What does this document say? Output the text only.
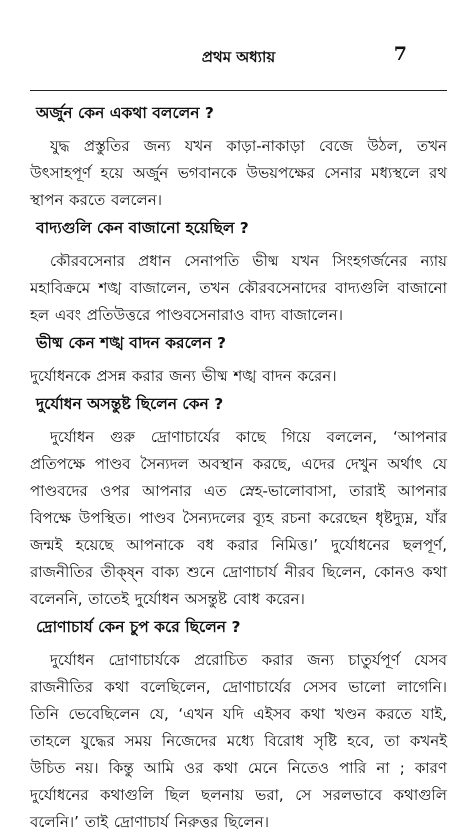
প্রথম অধ্যায়	7
অর্জুন কেন একথা বললেন ?

যুদ্ধ প্রস্তুতির জন্য যখন কাড়া-নাকাড়া বেজে উঠল, তখন উৎসাহপূর্ণ হয়ে অর্জুন ভগবানকে উভয়পক্ষের সেনার মধ্যস্থলে রথ স্থাপন করতে বললেন।

বাদ্যগুলি কেন বাজানো হয়েছিল ?

কৌরবসেনার প্রধান সেনাপতি ভীষ্ম যখন সিংহগর্জনের ন্যায় মহাবিক্রমে শঙ্খ বাজালেন, তখন কৌরবসেনাদের বাদ্যগুলি বাজানো হল এবং প্রতিউত্তরে পাণ্ডবসেনারাও বাদ্য বাজালেন।

ভীষ্ম কেন শঙ্খ বাদন করলেন ?

দুর্যোধনকে প্রসন্ন করার জন্য ভীষ্ম শঙ্খ বাদন করেন।

দুর্যোধন অসন্তুষ্ট ছিলেন কেন ?

দুর্যোধন গুরু দ্রোণাচার্যের কাছে গিয়ে বললেন, ‘আপনার প্রতিপক্ষে পাণ্ডব সৈন্যদল অবস্থান করছে, এদের দেখুন অর্থাৎ যে পাণ্ডবদের ওপর আপনার এত স্নেহ-ভালোবাসা, তারাই আপনার বিপক্ষে উপস্থিত। পাণ্ডব সৈন্যদলের ব্যূহ রচনা করেছেন ধৃষ্টদ্যুম্ন, যাঁর জন্মই হয়েছে আপনাকে বধ করার নিমিত্ত।’ দুর্যোধনের ছলপূর্ণ, রাজনীতির তীক্ষ্ন বাক্য শুনে দ্রোণাচার্য নীরব ছিলেন, কোনও কথা বলেননি, তাতেই দুর্যোধন অসন্তুষ্ট বোধ করেন।

দ্রোণাচার্য কেন চুপ করে ছিলেন ?

দুর্যোধন দ্রোণাচার্যকে প্ররোচিত করার জন্য চাতুর্যপূর্ণ যেসব রাজনীতির কথা বলেছিলেন, দ্রোণাচার্যের সেসব ভালো লাগেনি। তিনি ভেবেছিলেন যে, ‘এখন যদি এইসব কথা খণ্ডন করতে যাই, তাহলে যুদ্ধের সময় নিজেদের মধ্যে বিরোধ সৃষ্টি হবে, তা কখনই উচিত নয়। কিন্তু আমি ওর কথা মেনে নিতেও পারি না ; কারণ দুর্যোধনের কথাগুলি ছিল ছলনায় ভরা, সে সরলভাবে কথাগুলি বলেনি।’ তাই দ্রোণাচার্য নিরুত্তর ছিলেন।
